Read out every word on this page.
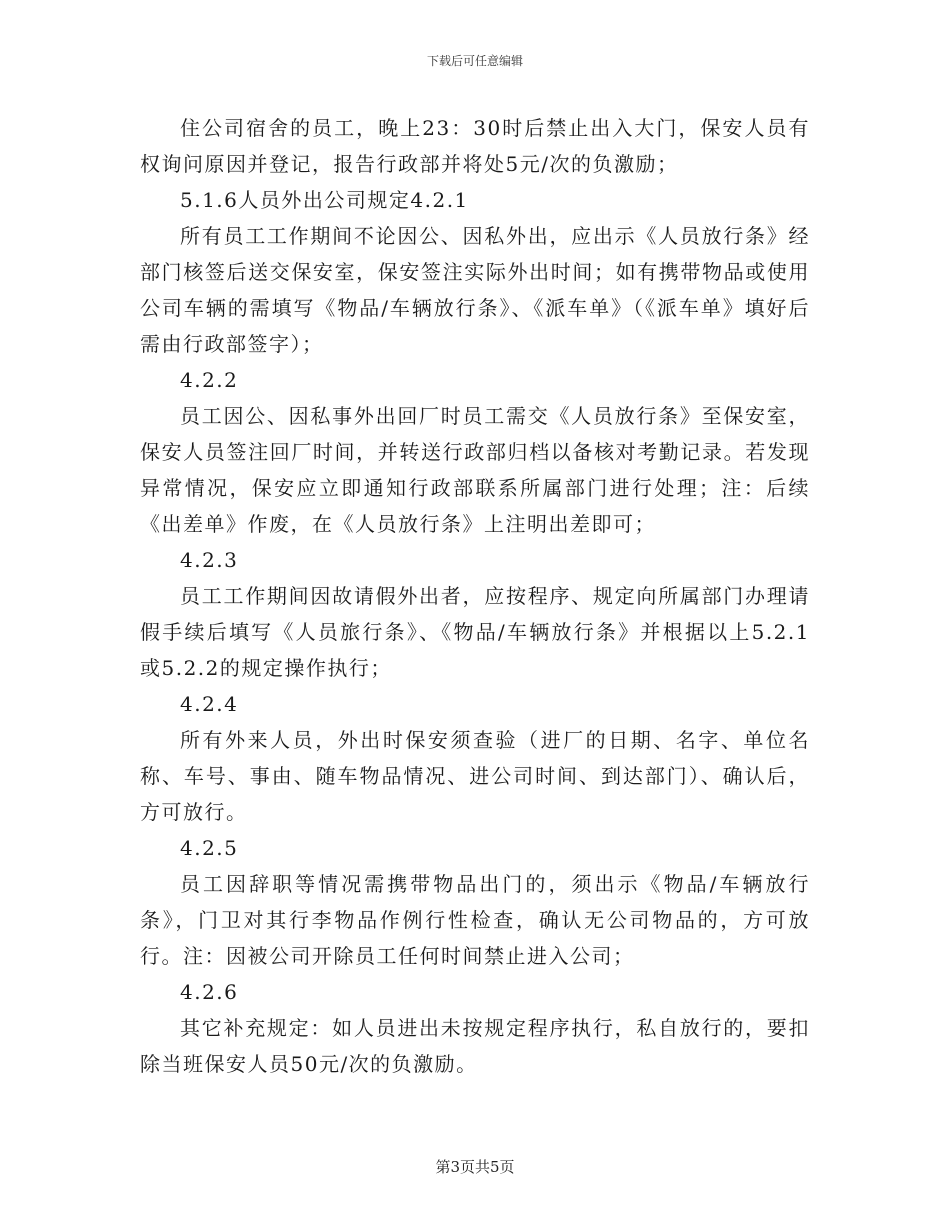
下载后可任意编辑

住公司宿舍的员工，晚上23：30时后禁止出入大门，保安人员有权询问原因并登记，报告行政部并将处5元/次的负激励；

5.1.6人员外出公司规定4.2.1

所有员工工作期间不论因公、因私外出，应出示《人员放行条》经部门核签后送交保安室，保安签注实际外出时间；如有携带物品或使用公司车辆的需填写《物品/车辆放行条》、《派车单》（《派车单》填好后需由行政部签字）；

4.2.2

员工因公、因私事外出回厂时员工需交《人员放行条》至保安室，保安人员签注回厂时间，并转送行政部归档以备核对考勤记录。若发现异常情况，保安应立即通知行政部联系所属部门进行处理；注：后续《出差单》作废，在《人员放行条》上注明出差即可；

4.2.3

员工工作期间因故请假外出者，应按程序、规定向所属部门办理请假手续后填写《人员旅行条》、《物品/车辆放行条》并根据以上5.2.1或5.2.2的规定操作执行；

4.2.4

所有外来人员，外出时保安须查验（进厂的日期、名字、单位名称、车号、事由、随车物品情况、进公司时间、到达部门）、确认后，方可放行。

4.2.5

员工因辞职等情况需携带物品出门的，须出示《物品/车辆放行条》，门卫对其行李物品作例行性检查，确认无公司物品的，方可放行。注：因被公司开除员工任何时间禁止进入公司；

4.2.6

其它补充规定：如人员进出未按规定程序执行，私自放行的，要扣除当班保安人员50元/次的负激励。

第3页共5页
